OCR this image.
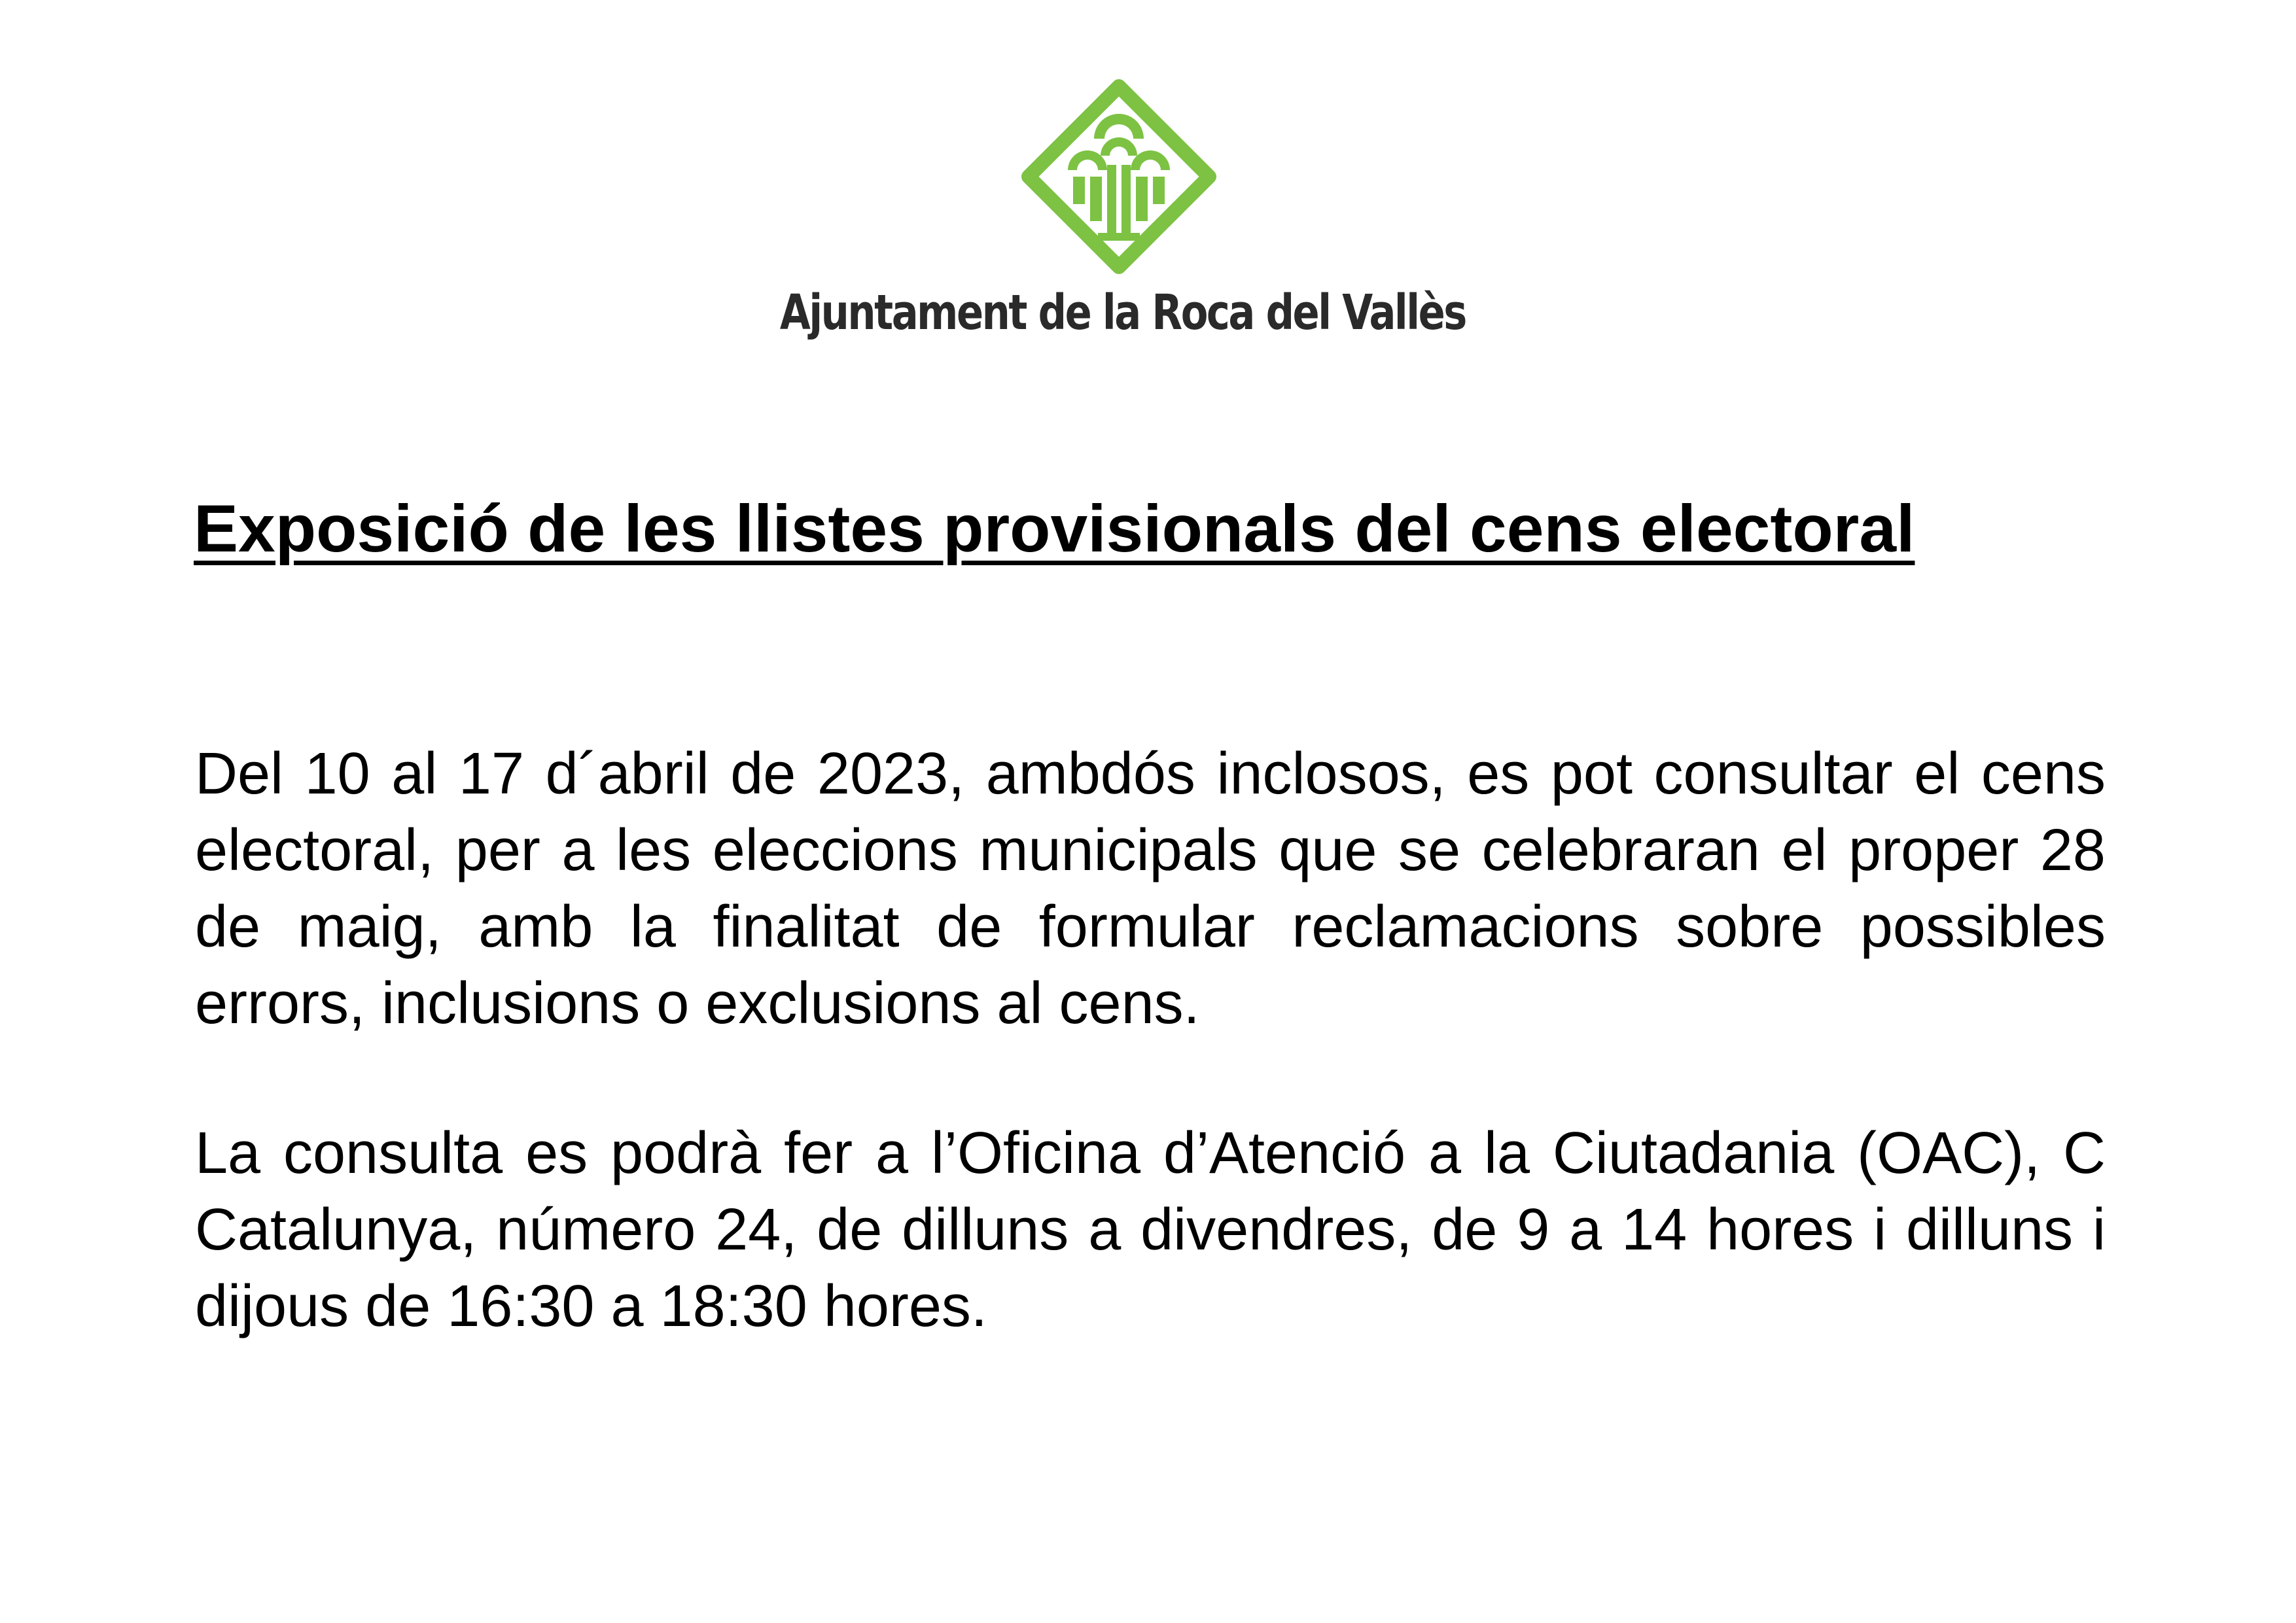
Ajuntament de la Roca del Vallès
Exposició de les llistes provisionals del cens electoral

Del 10 al 17 d´abril de 2023, ambdós inclosos, es pot consultar el cens electoral, per a les eleccions municipals que se celebraran el proper 28 de maig, amb la finalitat de formular reclamacions sobre possibles errors, inclusions o exclusions al cens.

La consulta es podrà fer a l’Oficina d’Atenció a la Ciutadania (OAC), C Catalunya, número 24, de dilluns a divendres, de 9 a 14 hores i dilluns i dijous de 16:30 a 18:30 hores.
